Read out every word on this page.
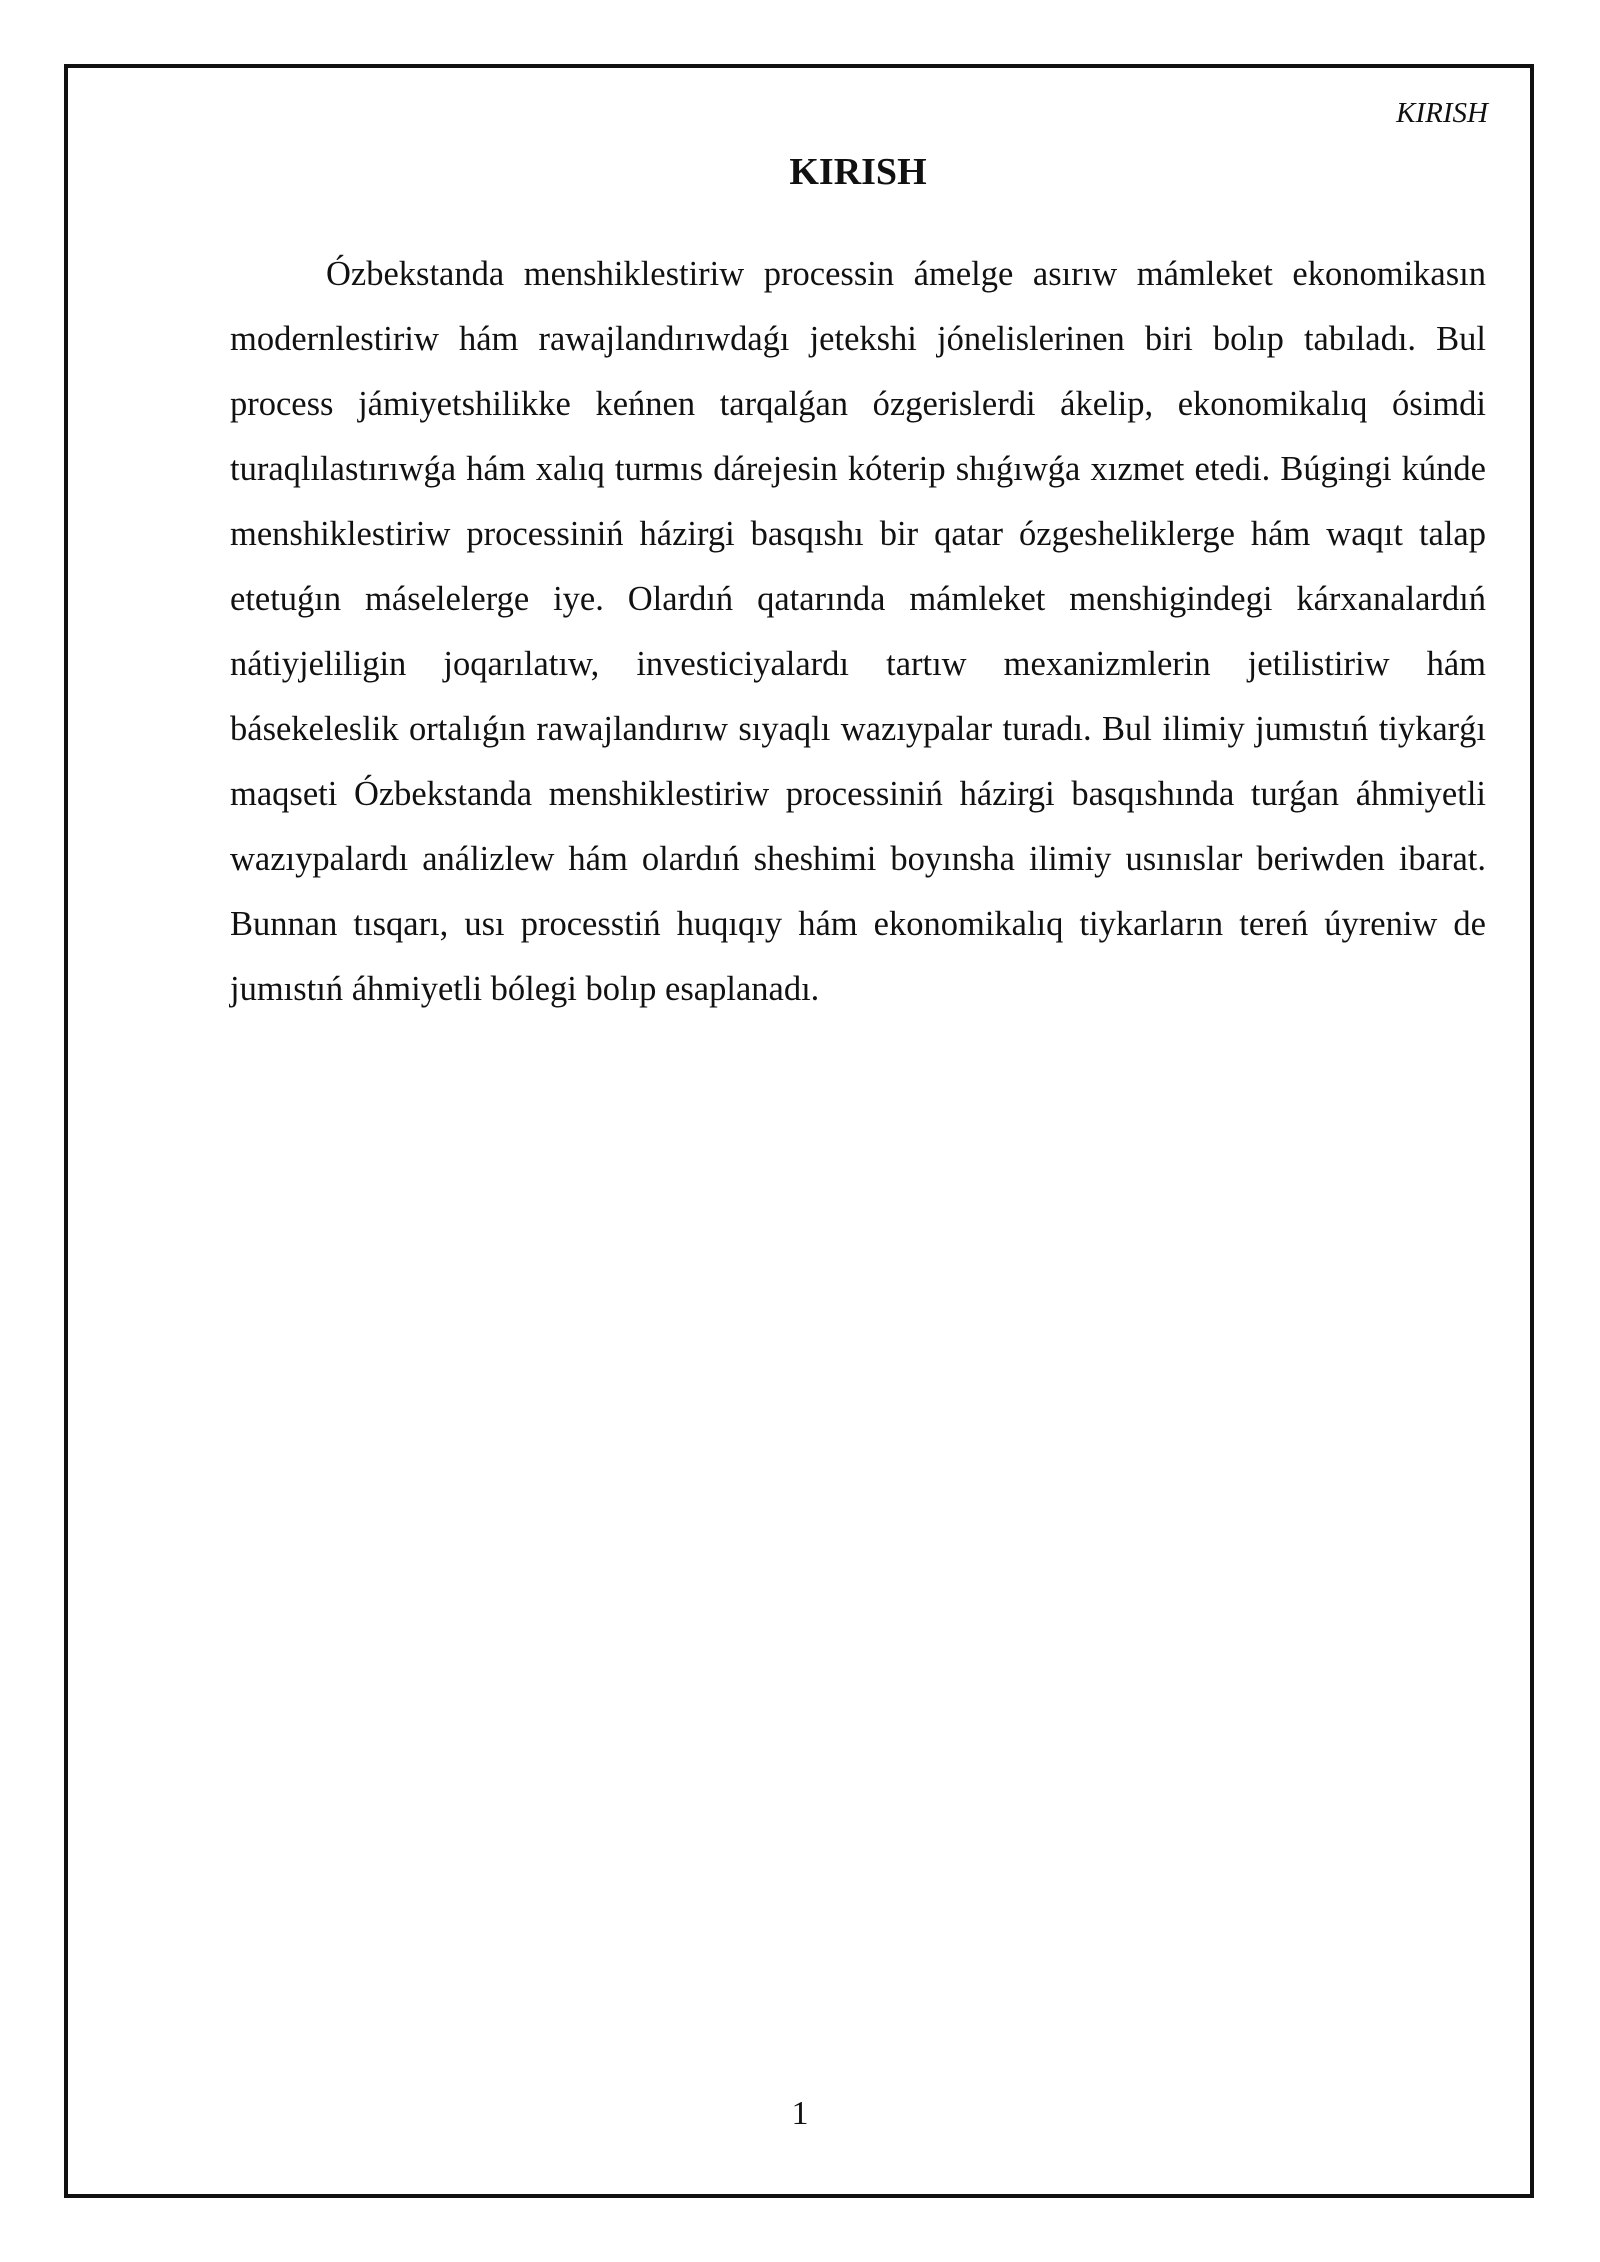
KIRISH
KIRISH

Ózbekstanda menshiklestiriw processin ámelge asırıw mámleket ekonomikasın modernlestiriw hám rawajlandırıwdaǵı jetekshi jónelislerinen biri bolıp tabıladı. Bul process jámiyetshilikke keńnen tarqalǵan ózgerislerdi ákelip, ekonomikalıq ósimdi turaqlılastırıwǵa hám xalıq turmıs dárejesin kóterip shıǵıwǵa xızmet etedi. Búgingi kúnde menshiklestiriw processiniń házirgi basqıshı bir qatar ózgesheliklerge hám waqıt talap etetuǵın máselelerge iye. Olardıń qatarında mámleket menshigindegi kárxanalardıń nátiyjeliligin joqarılatıw, investiciyalardı tartıw mexanizmlerin jetilistiriw hám básekeleslik ortalıǵın rawajlandırıw sıyaqlı wazıypalar turadı. Bul ilimiy jumıstıń tiykarǵı maqseti Ózbekstanda menshiklestiriw processiniń házirgi basqıshında turǵan áhmiyetli wazıypalardı análizlew hám olardıń sheshimi boyınsha ilimiy usınıslar beriwden ibarat. Bunnan tısqarı, usı processtiń huqıqıy hám ekonomikalıq tiykarların tereń úyreniw de jumıstıń áhmiyetli bólegi bolıp esaplanadı.

1
